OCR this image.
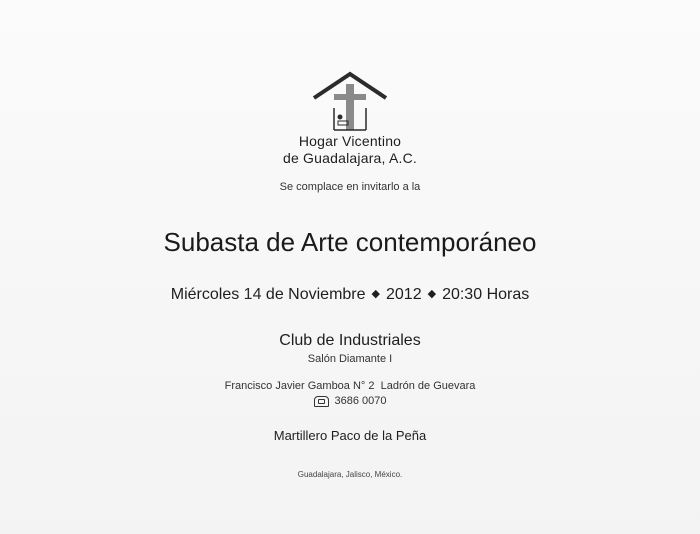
Hogar Vicentino
de Guadalajara, A.C.
Se complace en invitarlo a la
Subasta de Arte contemporáneo
Miércoles 14 de Noviembre ◆ 2012 ◆ 20:30 Horas
Club de Industriales
Salón Diamante I
Francisco Javier Gamboa N° 2  Ladrón de Guevara
3686 0070
Martillero Paco de la Peña
Guadalajara, Jalisco, México.
